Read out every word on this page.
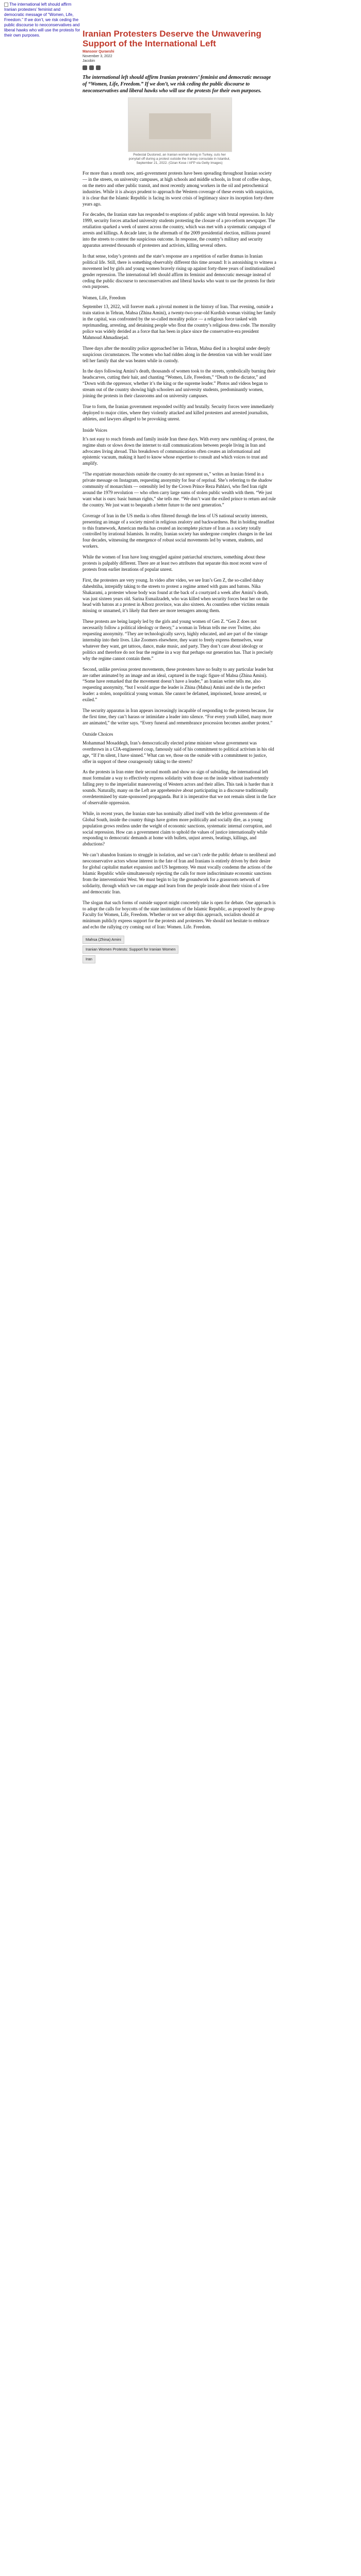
The international left should affirm Iranian protesters’ feminist and democratic message of “Women, Life, Freedom.” If we don’t, we risk ceding the public discourse to neoconservatives and liberal hawks who will use the protests for their own purposes.	Iranian Protesters Deserve the Unwavering Support of the International Left
Mansoor Quraeshi
November 3, 2022
Jacobin

The international left should affirm Iranian protesters’ feminist and democratic message of “Women, Life, Freedom.” If we don’t, we risk ceding the public discourse to neoconservatives and liberal hawks who will use the protests for their own purposes.

Pedestal Dustored, an Iranian woman living in Turkey, cuts her ponytail off during a protest outside the Iranian consulate in Istanbul, September 21, 2022. (Ozan Kose / AFP via Getty Images)

For more than a month now, anti-government protests have been spreading throughout Iranian society — in the streets, on university campuses, at high schools and middle schools, in front of coffee shops, on the metro and other public transit, and most recently among workers in the oil and petrochemical industries. While it is always prudent to approach the Western coverage of these events with suspicion, it is clear that the Islamic Republic is facing its worst crisis of legitimacy since its inception forty-three years ago.

For decades, the Iranian state has responded to eruptions of public anger with brutal repression. In July 1999, security forces attacked university students protesting the closure of a pro-reform newspaper. The retaliation sparked a week of unrest across the country, which was met with a systematic campaign of arrests and killings. A decade later, in the aftermath of the 2009 presidential election, millions poured into the streets to contest the suspicious outcome. In response, the country’s military and security apparatus arrested thousands of protesters and activists, killing several others.

In that sense, today’s protests and the state’s response are a repetition of earlier dramas in Iranian political life. Still, there is something observably different this time around: It is astonishing to witness a movement led by girls and young women bravely rising up against forty-three years of institutionalized gender repression. The international left should affirm its feminist and democratic message instead of ceding the public discourse to neoconservatives and liberal hawks who want to use the protests for their own purposes.

Women, Life, Freedom

September 13, 2022, will forever mark a pivotal moment in the history of Iran. That evening, outside a train station in Tehran, Mahsa (Zhina Amini), a twenty-two-year-old Kurdish woman visiting her family in the capital, was confronted by the so-called morality police — a religious force tasked with reprimanding, arresting, and detaining people who flout the country’s religious dress code. The morality police was widely derided as a force that has been in place since the conservative-era president Mahmoud Ahmadinejad.

Three days after the morality police approached her in Tehran, Mahsa died in a hospital under deeply suspicious circumstances. The women who had ridden along in the detention van with her would later tell her family that she was beaten while in custody.

In the days following Amini’s death, thousands of women took to the streets, symbolically burning their headscarves, cutting their hair, and chanting “Women, Life, Freedom,” “Death to the dictator,” and “Down with the oppressor, whether it’s the king or the supreme leader.” Photos and videos began to stream out of the country showing high schoolers and university students, predominantly women, joining the protests in their classrooms and on university campuses.

True to form, the Iranian government responded swiftly and brutally. Security forces were immediately deployed to major cities, where they violently attacked and killed protesters and arrested journalists, athletes, and lawyers alleged to be provoking unrest.

Inside Voices

It’s not easy to reach friends and family inside Iran these days. With every new rumbling of protest, the regime shuts or slows down the internet to stall communications between people living in Iran and advocates living abroad. This breakdown of communications often creates an informational and epistemic vacuum, making it hard to know whose expertise to consult and which voices to trust and amplify.

“The expatriate monarchists outside the country do not represent us,” writes an Iranian friend in a private message on Instagram, requesting anonymity for fear of reprisal. She’s referring to the shadow community of monarchists — ostensibly led by the Crown Prince Reza Pahlavi, who fled Iran right around the 1979 revolution — who often carry large sums of stolen public wealth with them. “We just want what is ours: basic human rights,” she tells me. “We don’t want the exiled prince to return and rule the country. We just want to bequeath a better future to the next generation.”

Coverage of Iran in the US media is often filtered through the lens of US national security interests, presenting an image of a society mired in religious zealotry and backwardness. But in holding steadfast to this framework, American media has created an incomplete picture of Iran as a society totally controlled by irrational Islamists. In reality, Iranian society has undergone complex changes in the last four decades, witnessing the emergence of robust social movements led by women, students, and workers.

While the women of Iran have long struggled against patriarchal structures, something about these protests is palpably different. There are at least two attributes that separate this most recent wave of protests from earlier iterations of popular unrest.

First, the protesters are very young. In video after video, we see Iran’s Gen Z, the so-called dahay daheshtiha, intrepidly taking to the streets to protest a regime armed with guns and batons. Nika Shakarami, a protester whose body was found at the back of a courtyard a week after Amini’s death, was just sixteen years old. Sarina Esmailzadeh, who was killed when security forces beat her on the head with batons at a protest in Alborz province, was also sixteen. As countless other victims remain missing or unnamed, it’s likely that there are more teenagers among them.

These protests are being largely led by the girls and young women of Gen Z. “Gen Z does not necessarily follow a political ideology or theory,” a woman in Tehran tells me over Twitter, also requesting anonymity. “They are technologically savvy, highly educated, and are part of the vintage internship into their lives. Like Zoomers elsewhere, they want to freely express themselves, wear whatever they want, get tattoos, dance, make music, and party. They don’t care about ideology or politics and therefore do not fear the regime in a way that perhaps our generation has. That is precisely why the regime cannot contain them.”

Second, unlike previous protest movements, these protesters have no fealty to any particular leader but are rather animated by an image and an ideal, captured in the tragic figure of Mahsa (Zhina Amini). “Some have remarked that the movement doesn’t have a leader,” an Iranian writer tells me, also requesting anonymity, “but I would argue the leader is Zhina (Mahsa) Amini and she is the perfect leader: a stolen, nonpolitical young woman. She cannot be defamed, imprisoned, house arrested, or exiled.”

The security apparatus in Iran appears increasingly incapable of responding to the protests because, for the first time, they can’t harass or intimidate a leader into silence. “For every youth killed, many more are animated,” the writer says. “Every funeral and remembrance procession becomes another protest.”

Outside Choices

Mohammad Mosaddegh, Iran’s democratically elected prime minister whose government was overthrown in a CIA-engineered coup, famously said of his commitment to political activism in his old age, “If I’m silent, I have sinned.” What can we, those on the outside with a commitment to justice, offer in support of these courageously taking to the streets?

As the protests in Iran enter their second month and show no sign of subsiding, the international left must formulate a way to effectively express solidarity with those on the inside without inadvertently falling prey to the imperialist maneuvering of Western actors and their allies. This task is harder than it sounds. Naturally, many on the Left are apprehensive about participating in a discourse traditionally overdetermined by state-sponsored propaganda. But it is imperative that we not remain silent in the face of observable oppression.

While, in recent years, the Iranian state has nominally allied itself with the leftist governments of the Global South, inside the country things have gotten more politically and socially dire, as a young population grows restless under the weight of economic sanctions, systematic internal corruption, and social repression. How can a government claim to uphold the values of justice internationally while responding to democratic demands at home with bullets, unjust arrests, beatings, killings, and abductions?

We can’t abandon Iranians to struggle in isolation, and we can’t cede the public debate to neoliberal and neoconservative actors whose interest in the fate of Iran and Iranians is entirely driven by their desire for global capitalist market expansion and US hegemony. We must vocally condemn the actions of the Islamic Republic while simultaneously rejecting the calls for more indiscriminate economic sanctions from the interventionist West. We must begin to lay the groundwork for a grassroots network of solidarity, through which we can engage and learn from the people inside about their vision of a free and democratic Iran.

The slogan that such forms of outside support might concretely take is open for debate. One approach is to adopt the calls for boycotts of the state institutions of the Islamic Republic, as proposed by the group Faculty for Women, Life, Freedom. Whether or not we adopt this approach, socialists should at minimum publicly express support for the protests and protesters. We should not hesitate to embrace and echo the rallying cry coming out of Iran: Women. Life. Freedom.

Mahsa (Zhina) Amini
Iranian Women Protests: Support for Iranian Women
Iran
